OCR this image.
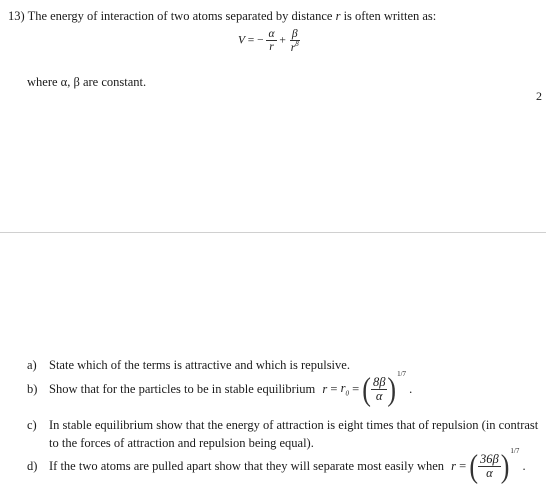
13) The energy of interaction of two atoms separated by distance r is often written as:
V = − $\frac{\alpha}{r} + \frac{\beta}{r^8}$
where α, β are constant.
2
a) State which of the terms is attractive and which is repulsive.
b) Show that for the particles to be in stable equilibrium $r = r_0$ = ( $\frac{8\beta}{\alpha} )^{1/7}$ .
c) In stable equilibrium show that the energy of attraction is eight times that of repulsion (in contrast
to the forces of attraction and repulsion being equal).
d) If the two atoms are pulled apart show that they will separate most easily when r = ( $\frac{36\beta}{\alpha} )^{1/7}$ .
